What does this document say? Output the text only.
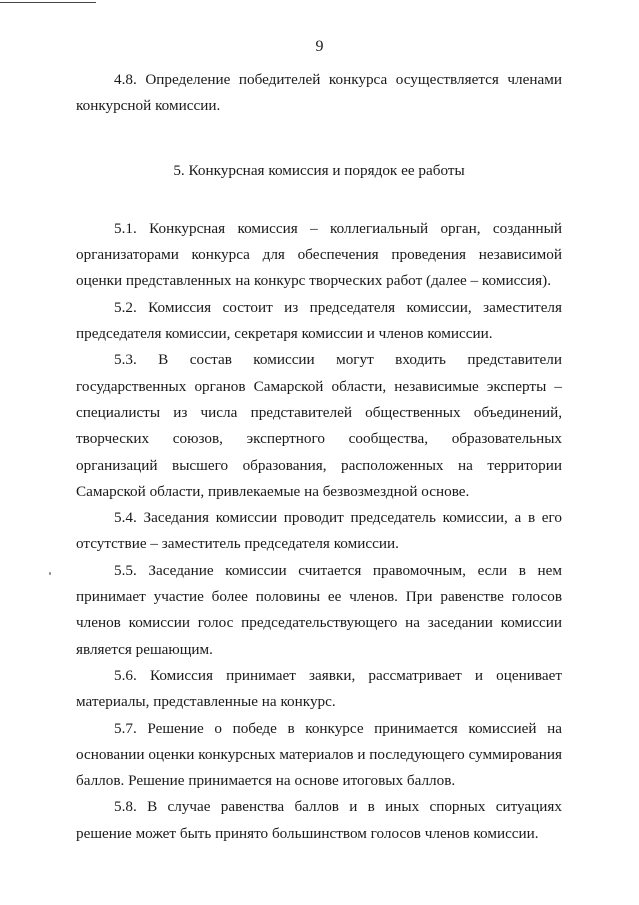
9

4.8. Определение победителей конкурса осуществляется членами конкурсной комиссии.

5. Конкурсная комиссия и порядок ее работы

5.1. Конкурсная комиссия – коллегиальный орган, созданный организаторами конкурса для обеспечения проведения независимой оценки представленных на конкурс творческих работ (далее – комиссия).

5.2. Комиссия состоит из председателя комиссии, заместителя председателя комиссии, секретаря комиссии и членов комиссии.

5.3. В состав комиссии могут входить представители государственных органов Самарской области, независимые эксперты – специалисты из числа представителей общественных объединений, творческих союзов, экспертного сообщества, образовательных организаций высшего образования, расположенных на территории Самарской области, привлекаемые на безвозмездной основе.

5.4. Заседания комиссии проводит председатель комиссии, а в его отсутствие – заместитель председателя комиссии.

5.5. Заседание комиссии считается правомочным, если в нем принимает участие более половины ее членов. При равенстве голосов членов комиссии голос председательствующего на заседании комиссии является решающим.

5.6. Комиссия принимает заявки, рассматривает и оценивает материалы, представленные на конкурс.

5.7. Решение о победе в конкурсе принимается комиссией на основании оценки конкурсных материалов и последующего суммирования баллов. Решение принимается на основе итоговых баллов.

5.8. В случае равенства баллов и в иных спорных ситуациях решение может быть принято большинством голосов членов комиссии.
